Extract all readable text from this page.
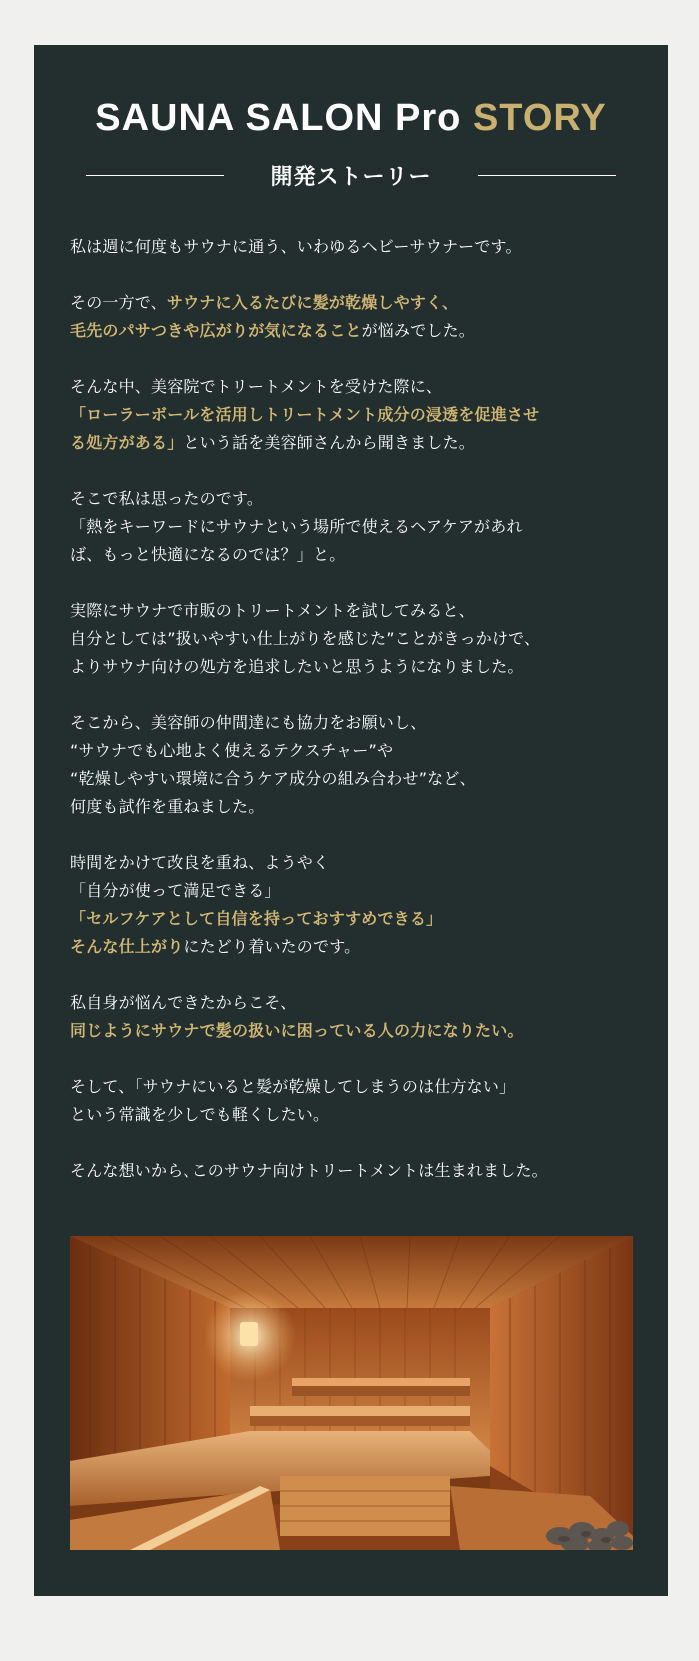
SAUNA SALON Pro STORY
開発ストーリー

私は週に何度もサウナに通う、いわゆるヘビーサウナーです。

その一方で、サウナに入るたびに髪が乾燥しやすく、
毛先のパサつきや広がりが気になることが悩みでした。

そんな中、美容院でトリートメントを受けた際に、
「ローラーボールを活用しトリートメント成分の浸透を促進させ
る処方がある」という話を美容師さんから聞きました。

そこで私は思ったのです。
「熱をキーワードにサウナという場所で使えるヘアケアがあれ
ば、もっと快適になるのでは？」と。

実際にサウナで市販のトリートメントを試してみると、
自分としては”扱いやすい仕上がりを感じた”ことがきっかけで、
よりサウナ向けの処方を追求したいと思うようになりました。

そこから、美容師の仲間達にも協力をお願いし、
“サウナでも心地よく使えるテクスチャー”や
“乾燥しやすい環境に合うケア成分の組み合わせ”など、
何度も試作を重ねました。

時間をかけて改良を重ね、ようやく
「自分が使って満足できる」
「セルフケアとして自信を持っておすすめできる」
そんな仕上がりにたどり着いたのです。

私自身が悩んできたからこそ、
同じようにサウナで髪の扱いに困っている人の力になりたい。

そして、「サウナにいると髪が乾燥してしまうのは仕方ない」
という常識を少しでも軽くしたい。

そんな想いから､このサウナ向けトリートメントは生まれました。
